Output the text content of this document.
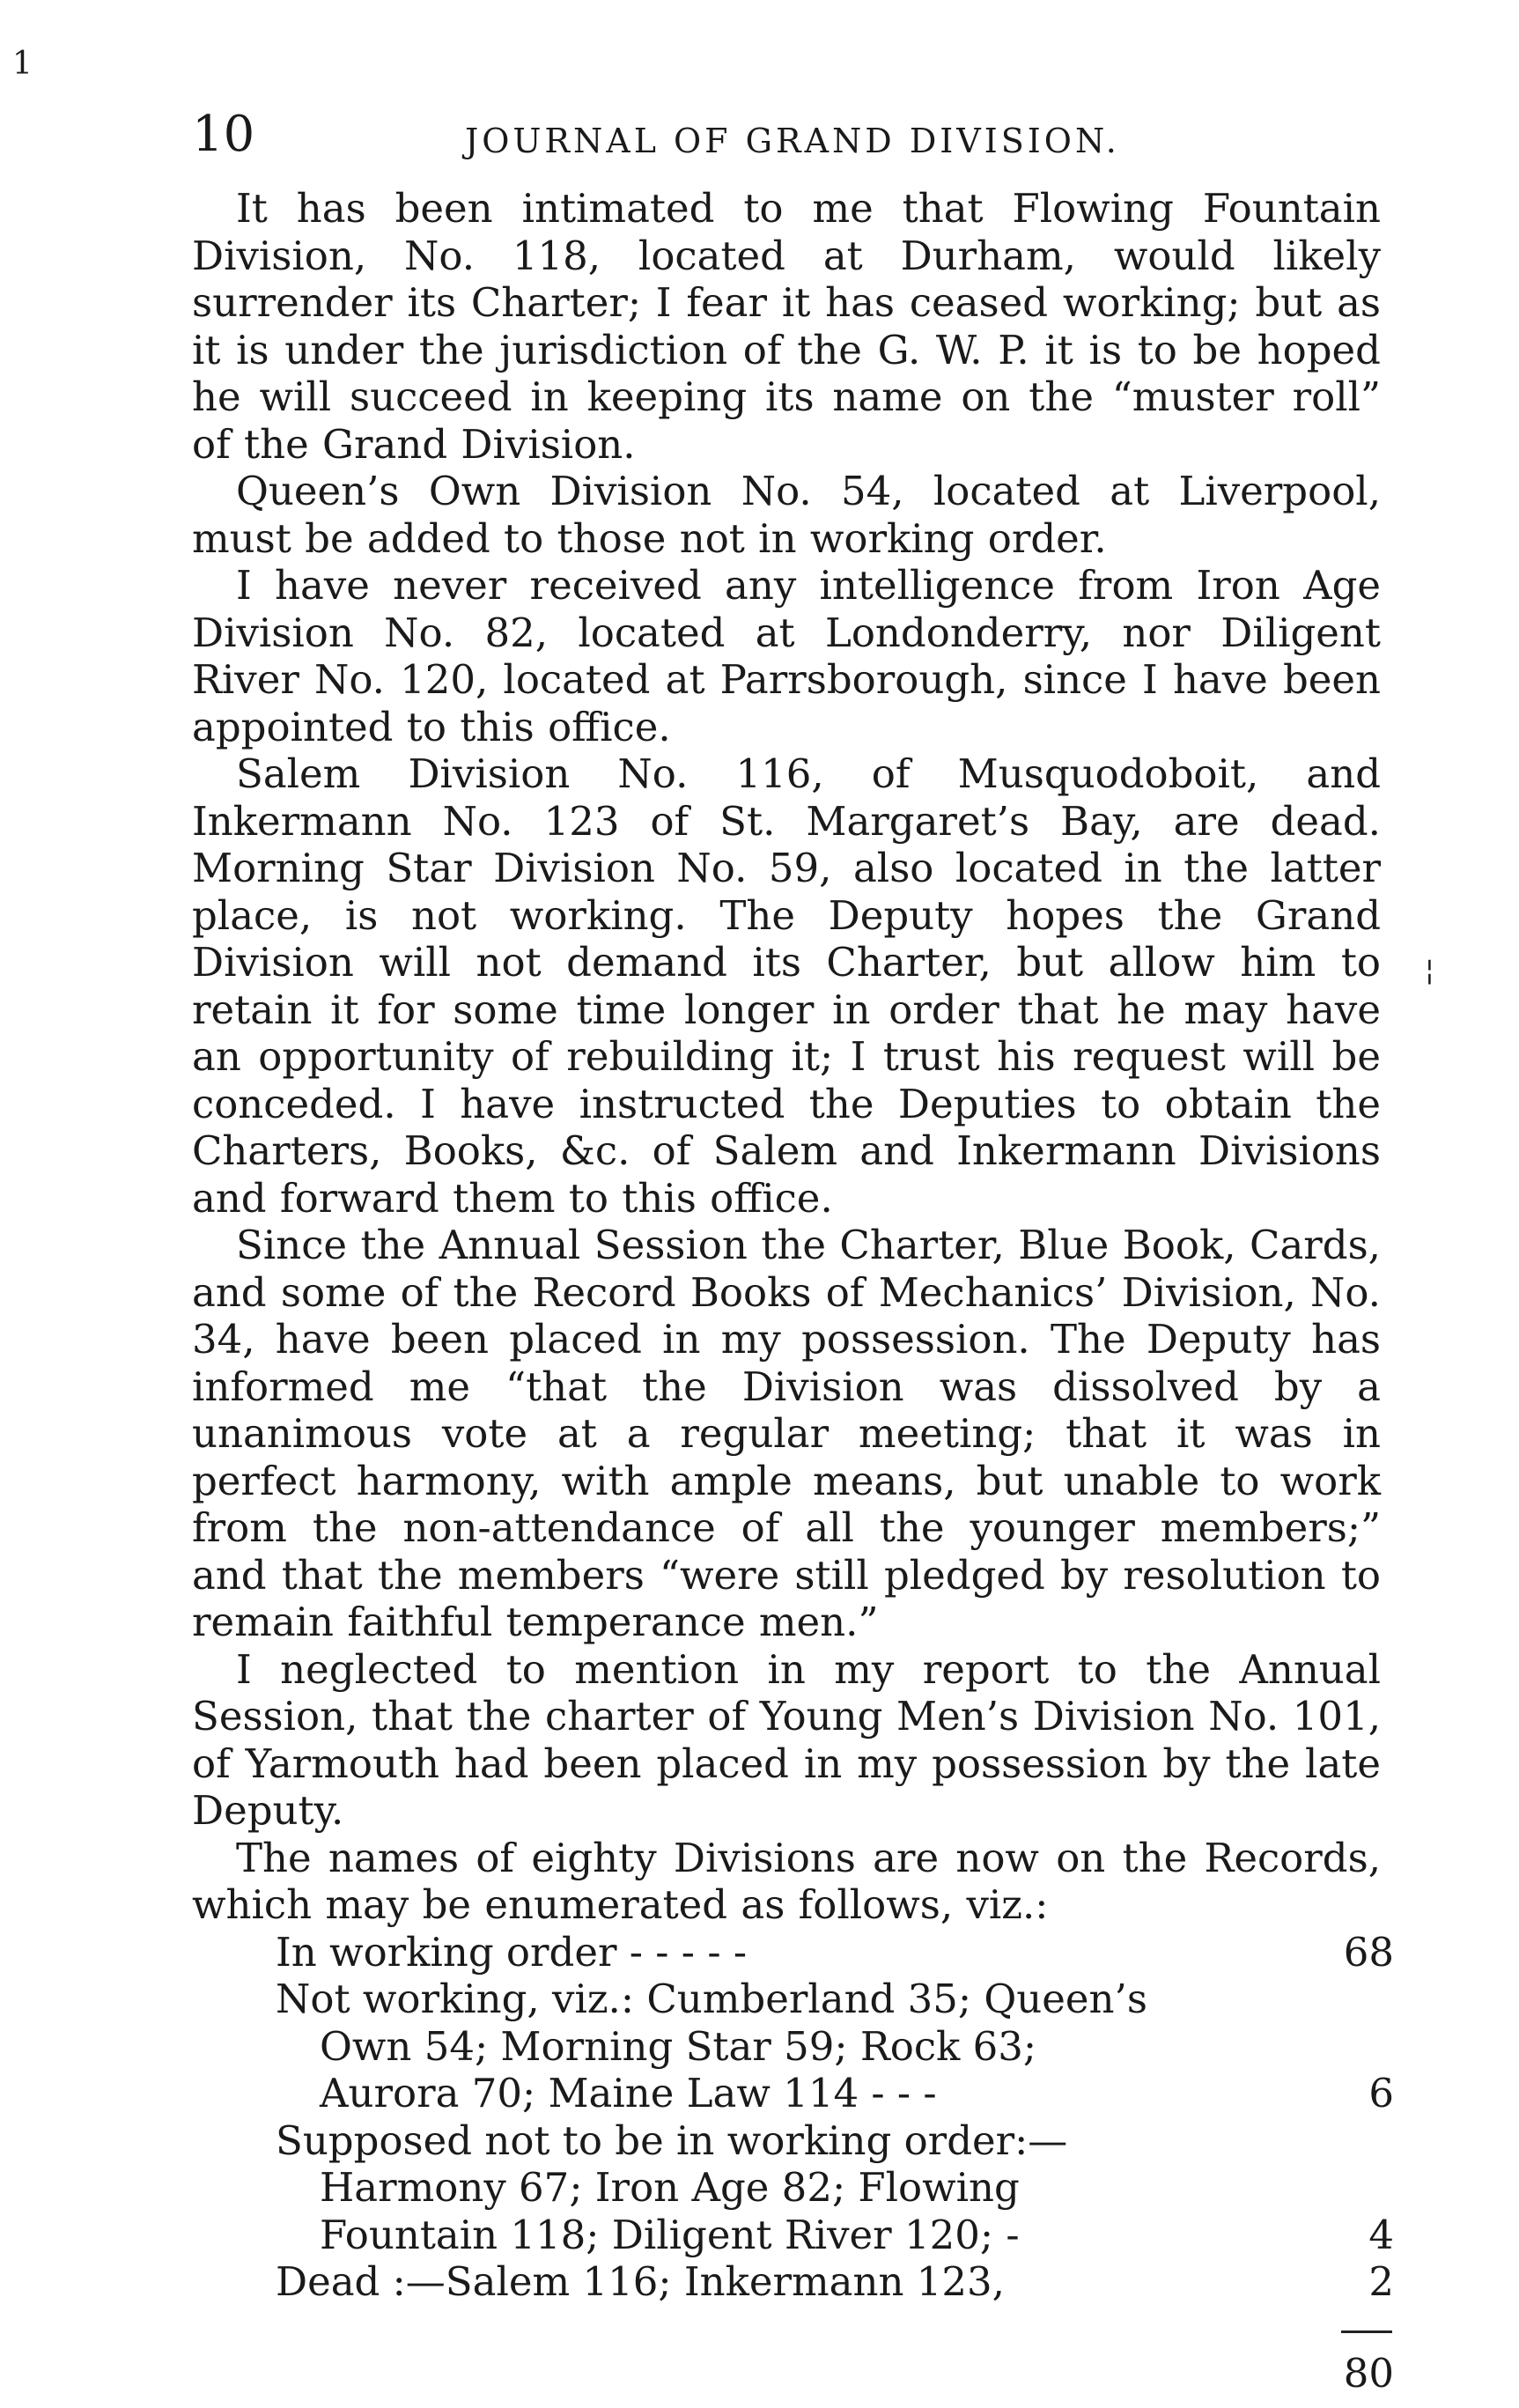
1
10	JOURNAL OF GRAND DIVISION.

It has been intimated to me that Flowing Fountain Division, No. 118, located at Durham, would likely surrender its Charter; I fear it has ceased working; but as it is under the jurisdiction of the G. W. P. it is to be hoped he will succeed in keeping its name on the “muster roll” of the Grand Division.

Queen’s Own Division No. 54, located at Liverpool, must be added to those not in working order.

I have never received any intelligence from Iron Age Division No. 82, located at Londonderry, nor Diligent River No. 120, located at Parrsborough, since I have been appointed to this office.

Salem Division No. 116, of Musquodoboit, and Inkermann No. 123 of St. Margaret’s Bay, are dead. Morning Star Division No. 59, also located in the latter place, is not working. The Deputy hopes the Grand Division will not demand its Charter, but allow him to retain it for some time longer in order that he may have an opportunity of rebuilding it; I trust his request will be conceded. I have instructed the Deputies to obtain the Charters, Books, &c. of Salem and Inkermann Divisions and forward them to this office.

Since the Annual Session the Charter, Blue Book, Cards, and some of the Record Books of Mechanics’ Division, No. 34, have been placed in my possession. The Deputy has informed me “that the Division was dissolved by a unanimous vote at a regular meeting; that it was in perfect harmony, with ample means, but unable to work from the non-attendance of all the younger members;” and that the members “were still pledged by resolution to remain faithful temperance men.”

I neglected to mention in my report to the Annual Session, that the charter of Young Men’s Division No. 101, of Yarmouth had been placed in my possession by the late Deputy.

The names of eighty Divisions are now on the Records, which may be enumerated as follows, viz.:

In working order - - - - -	68
Not working, viz.: Cumberland 35; Queen’s
Own 54; Morning Star 59; Rock 63;
Aurora 70; Maine Law 114 - - -	6
Supposed not to be in working order:—
Harmony 67; Iron Age 82; Flowing
Fountain 118; Diligent River 120; -	4
Dead :—Salem 116; Inkermann 123,	2
80
¦
